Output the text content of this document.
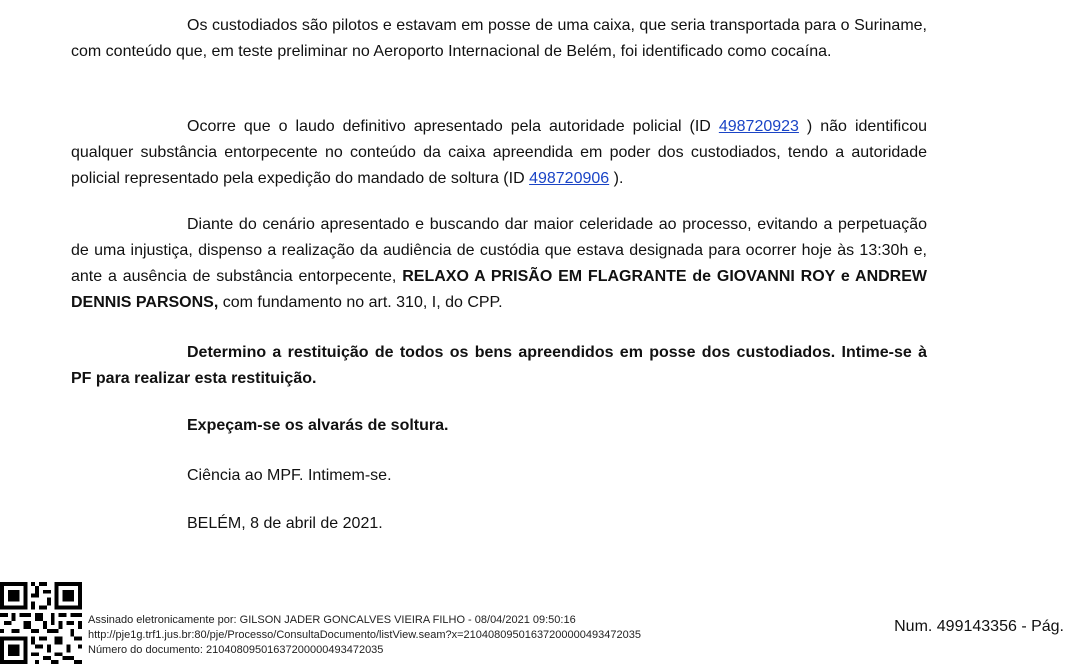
Os custodiados são pilotos e estavam em posse de uma caixa, que seria transportada para o Suriname, com conteúdo que, em teste preliminar no Aeroporto Internacional de Belém, foi identificado como cocaína.

Ocorre que o laudo definitivo apresentado pela autoridade policial (ID 498720923 ) não identificou qualquer substância entorpecente no conteúdo da caixa apreendida em poder dos custodiados, tendo a autoridade policial representado pela expedição do mandado de soltura (ID 498720906 ).

Diante do cenário apresentado e buscando dar maior celeridade ao processo, evitando a perpetuação de uma injustiça, dispenso a realização da audiência de custódia que estava designada para ocorrer hoje às 13:30h e, ante a ausência de substância entorpecente, RELAXO A PRISÃO EM FLAGRANTE de GIOVANNI ROY e ANDREW DENNIS PARSONS, com fundamento no art. 310, I, do CPP.

Determino a restituição de todos os bens apreendidos em posse dos custodiados. Intime-se à PF para realizar esta restituição.

Expeçam-se os alvarás de soltura.
Ciência ao MPF. Intimem-se.
BELÉM, 8 de abril de 2021.
Assinado eletronicamente por: GILSON JADER GONCALVES VIEIRA FILHO - 08/04/2021 09:50:16
http://pje1g.trf1.jus.br:80/pje/Processo/ConsultaDocumento/listView.seam?x=21040809501637200000493472035
Número do documento: 21040809501637200000493472035
Num. 499143356 - Pág.
